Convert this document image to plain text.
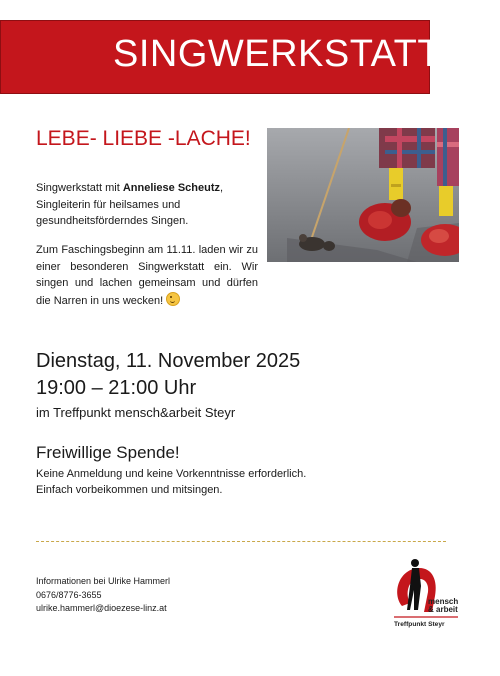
SINGWERKSTATT
LEBE- LIEBE -LACHE!
Singwerkstatt mit Anneliese Scheutz,
Singleiterin für heilsames und
gesundheitsförderndes Singen.
Zum Faschingsbeginn am 11.11. laden wir zu einer besonderen Singwerkstatt ein. Wir singen und lachen gemeinsam und dürfen die Narren in uns wecken!
Dienstag, 11. November 2025
19:00 – 21:00 Uhr
im Treffpunkt mensch&arbeit Steyr
Freiwillige Spende!
Keine Anmeldung und keine Vorkenntnisse erforderlich.
Einfach vorbeikommen und mitsingen.
Informationen bei Ulrike Hammerl
0676/8776-3655
ulrike.hammerl@dioezese-linz.at
mensch
& arbeit
Treffpunkt Steyr
